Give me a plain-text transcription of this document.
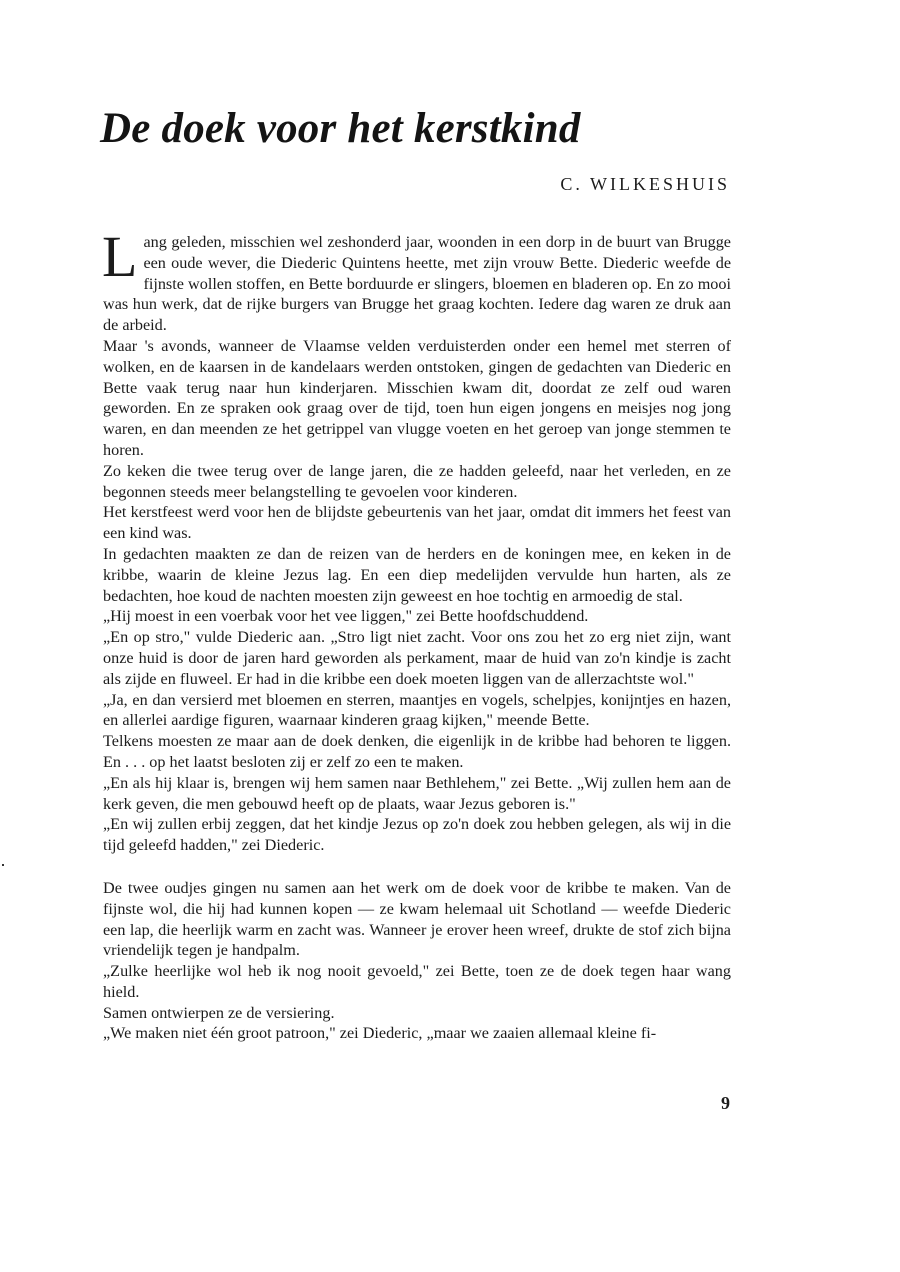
De doek voor het kerstkind
C. WILKESHUIS

Lang geleden, misschien wel zeshonderd jaar, woonden in een dorp in de buurt van Brugge een oude wever, die Diederic Quintens heette, met zijn vrouw Bette. Diederic weefde de fijnste wollen stoffen, en Bette borduurde er slingers, bloemen en bladeren op. En zo mooi was hun werk, dat de rijke burgers van Brugge het graag kochten. Iedere dag waren ze druk aan de arbeid.

Maar 's avonds, wanneer de Vlaamse velden verduisterden onder een hemel met sterren of wolken, en de kaarsen in de kandelaars werden ontstoken, gingen de gedachten van Diederic en Bette vaak terug naar hun kinderjaren. Misschien kwam dit, doordat ze zelf oud waren geworden. En ze spraken ook graag over de tijd, toen hun eigen jongens en meisjes nog jong waren, en dan meenden ze het getrippel van vlugge voeten en het geroep van jonge stemmen te horen.

Zo keken die twee terug over de lange jaren, die ze hadden geleefd, naar het verleden, en ze begonnen steeds meer belangstelling te gevoelen voor kinderen.

Het kerstfeest werd voor hen de blijdste gebeurtenis van het jaar, omdat dit immers het feest van een kind was.

In gedachten maakten ze dan de reizen van de herders en de koningen mee, en keken in de kribbe, waarin de kleine Jezus lag. En een diep medelijden vervulde hun harten, als ze bedachten, hoe koud de nachten moesten zijn geweest en hoe tochtig en armoedig de stal.

„Hij moest in een voerbak voor het vee liggen," zei Bette hoofdschuddend.

„En op stro," vulde Diederic aan. „Stro ligt niet zacht. Voor ons zou het zo erg niet zijn, want onze huid is door de jaren hard geworden als perkament, maar de huid van zo'n kindje is zacht als zijde en fluweel. Er had in die kribbe een doek moeten liggen van de allerzachtste wol."

„Ja, en dan versierd met bloemen en sterren, maantjes en vogels, schelpjes, konijntjes en hazen, en allerlei aardige figuren, waarnaar kinderen graag kijken," meende Bette.

Telkens moesten ze maar aan de doek denken, die eigenlijk in de kribbe had behoren te liggen. En . . . op het laatst besloten zij er zelf zo een te maken.

„En als hij klaar is, brengen wij hem samen naar Bethlehem," zei Bette. „Wij zullen hem aan de kerk geven, die men gebouwd heeft op de plaats, waar Jezus geboren is."

„En wij zullen erbij zeggen, dat het kindje Jezus op zo'n doek zou hebben gelegen, als wij in die tijd geleefd hadden," zei Diederic.

De twee oudjes gingen nu samen aan het werk om de doek voor de kribbe te maken. Van de fijnste wol, die hij had kunnen kopen — ze kwam helemaal uit Schotland — weefde Diederic een lap, die heerlijk warm en zacht was. Wanneer je erover heen wreef, drukte de stof zich bijna vriendelijk tegen je handpalm.

„Zulke heerlijke wol heb ik nog nooit gevoeld," zei Bette, toen ze de doek tegen haar wang hield.

Samen ontwierpen ze de versiering.

„We maken niet één groot patroon," zei Diederic, „maar we zaaien allemaal kleine fi-

9
